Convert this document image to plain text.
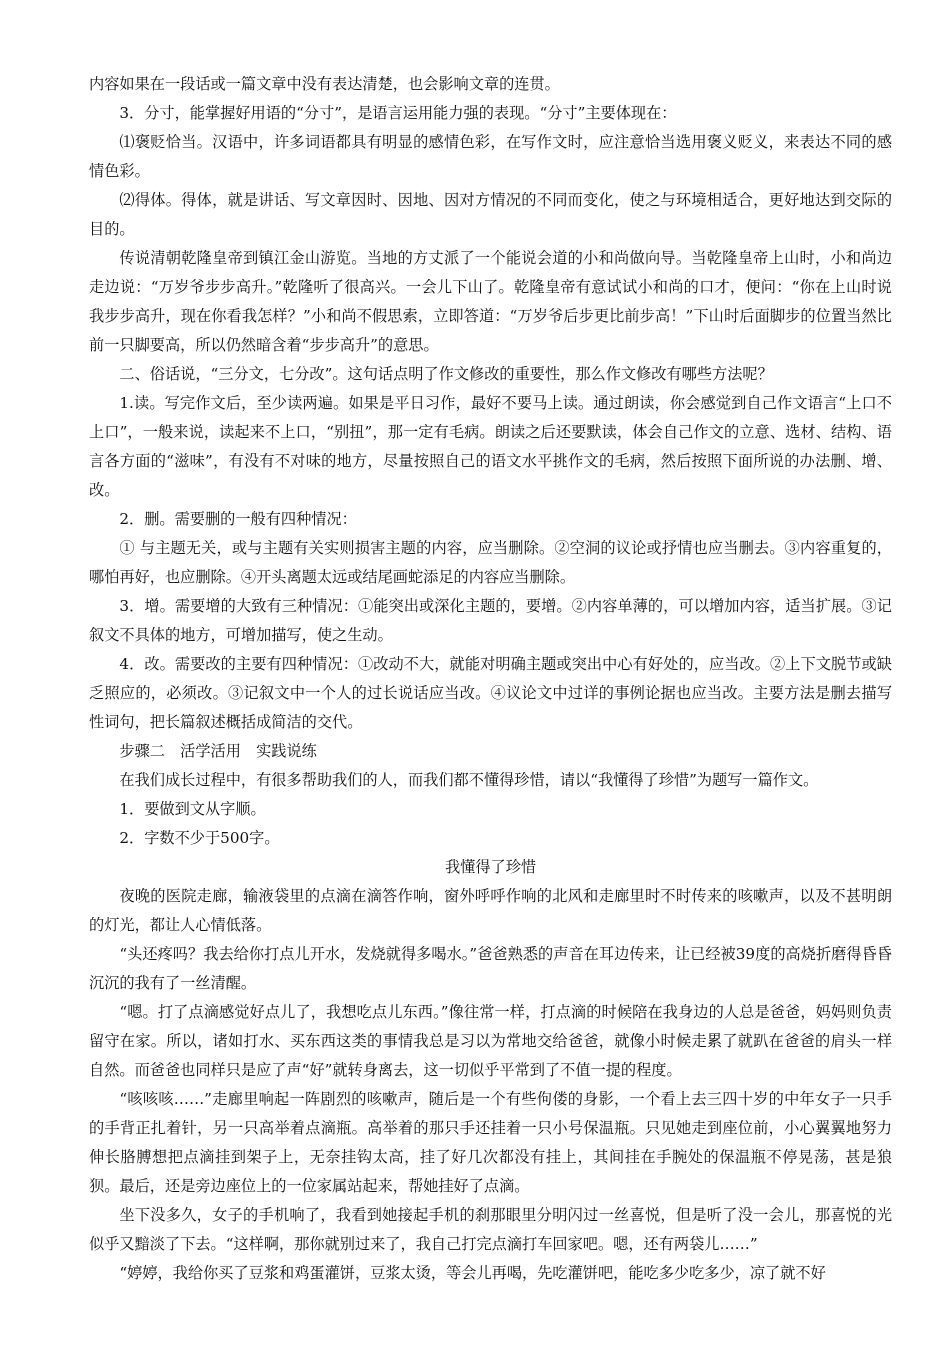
内容如果在一段话或一篇文章中没有表达清楚，也会影响文章的连贯。

3．分寸，能掌握好用语的“分寸”，是语言运用能力强的表现。“分寸”主要体现在：

⑴褒贬恰当。汉语中，许多词语都具有明显的感情色彩，在写作文时，应注意恰当选用褒义贬义，来表达不同的感情色彩。

⑵得体。得体，就是讲话、写文章因时、因地、因对方情况的不同而变化，使之与环境相适合，更好地达到交际的目的。

传说清朝乾隆皇帝到镇江金山游览。当地的方丈派了一个能说会道的小和尚做向导。当乾隆皇帝上山时，小和尚边走边说：“万岁爷步步高升。”乾隆听了很高兴。一会儿下山了。乾隆皇帝有意试试小和尚的口才，便问：“你在上山时说我步步高升，现在你看我怎样？”小和尚不假思索，立即答道：“万岁爷后步更比前步高！”下山时后面脚步的位置当然比前一只脚要高，所以仍然暗含着“步步高升”的意思。

二、俗话说，“三分文，七分改”。这句话点明了作文修改的重要性，那么作文修改有哪些方法呢？

1.读。写完作文后，至少读两遍。如果是平日习作，最好不要马上读。通过朗读，你会感觉到自己作文语言“上口不上口”，一般来说，读起来不上口，“别扭”，那一定有毛病。朗读之后还要默读，体会自己作文的立意、选材、结构、语言各方面的“滋味”，有没有不对味的地方，尽量按照自己的语文水平挑作文的毛病，然后按照下面所说的办法删、增、改。

2．删。需要删的一般有四种情况：

① 与主题无关，或与主题有关实则损害主题的内容，应当删除。②空洞的议论或抒情也应当删去。③内容重复的，哪怕再好，也应删除。④开头离题太远或结尾画蛇添足的内容应当删除。

3．增。需要增的大致有三种情况：①能突出或深化主题的，要增。②内容单薄的，可以增加内容，适当扩展。③记叙文不具体的地方，可增加描写，使之生动。

4．改。需要改的主要有四种情况：①改动不大，就能对明确主题或突出中心有好处的，应当改。②上下文脱节或缺乏照应的，必须改。③记叙文中一个人的过长说话应当改。④议论文中过详的事例论据也应当改。主要方法是删去描写性词句，把长篇叙述概括成简洁的交代。

步骤二　活学活用　实践说练

在我们成长过程中，有很多帮助我们的人，而我们都不懂得珍惜，请以“我懂得了珍惜”为题写一篇作文。

1．要做到文从字顺。

2．字数不少于500字。

我懂得了珍惜

夜晚的医院走廊，输液袋里的点滴在滴答作响，窗外呼呼作响的北风和走廊里时不时传来的咳嗽声，以及不甚明朗的灯光，都让人心情低落。

“头还疼吗？我去给你打点儿开水，发烧就得多喝水。”爸爸熟悉的声音在耳边传来，让已经被39度的高烧折磨得昏昏沉沉的我有了一丝清醒。

“嗯。打了点滴感觉好点儿了，我想吃点儿东西。”像往常一样，打点滴的时候陪在我身边的人总是爸爸，妈妈则负责留守在家。所以，诸如打水、买东西这类的事情我总是习以为常地交给爸爸，就像小时候走累了就趴在爸爸的肩头一样自然。而爸爸也同样只是应了声“好”就转身离去，这一切似乎平常到了不值一提的程度。

“咳咳咳……”走廊里响起一阵剧烈的咳嗽声，随后是一个有些佝偻的身影，一个看上去三四十岁的中年女子一只手的手背正扎着针，另一只高举着点滴瓶。高举着的那只手还挂着一只小号保温瓶。只见她走到座位前，小心翼翼地努力伸长胳膊想把点滴挂到架子上，无奈挂钩太高，挂了好几次都没有挂上，其间挂在手腕处的保温瓶不停晃荡，甚是狼狈。最后，还是旁边座位上的一位家属站起来，帮她挂好了点滴。

坐下没多久，女子的手机响了，我看到她接起手机的刹那眼里分明闪过一丝喜悦，但是听了没一会儿，那喜悦的光似乎又黯淡了下去。“这样啊，那你就别过来了，我自己打完点滴打车回家吧。嗯，还有两袋儿……”

“婷婷，我给你买了豆浆和鸡蛋灌饼，豆浆太烫，等会儿再喝，先吃灌饼吧，能吃多少吃多少，凉了就不好
